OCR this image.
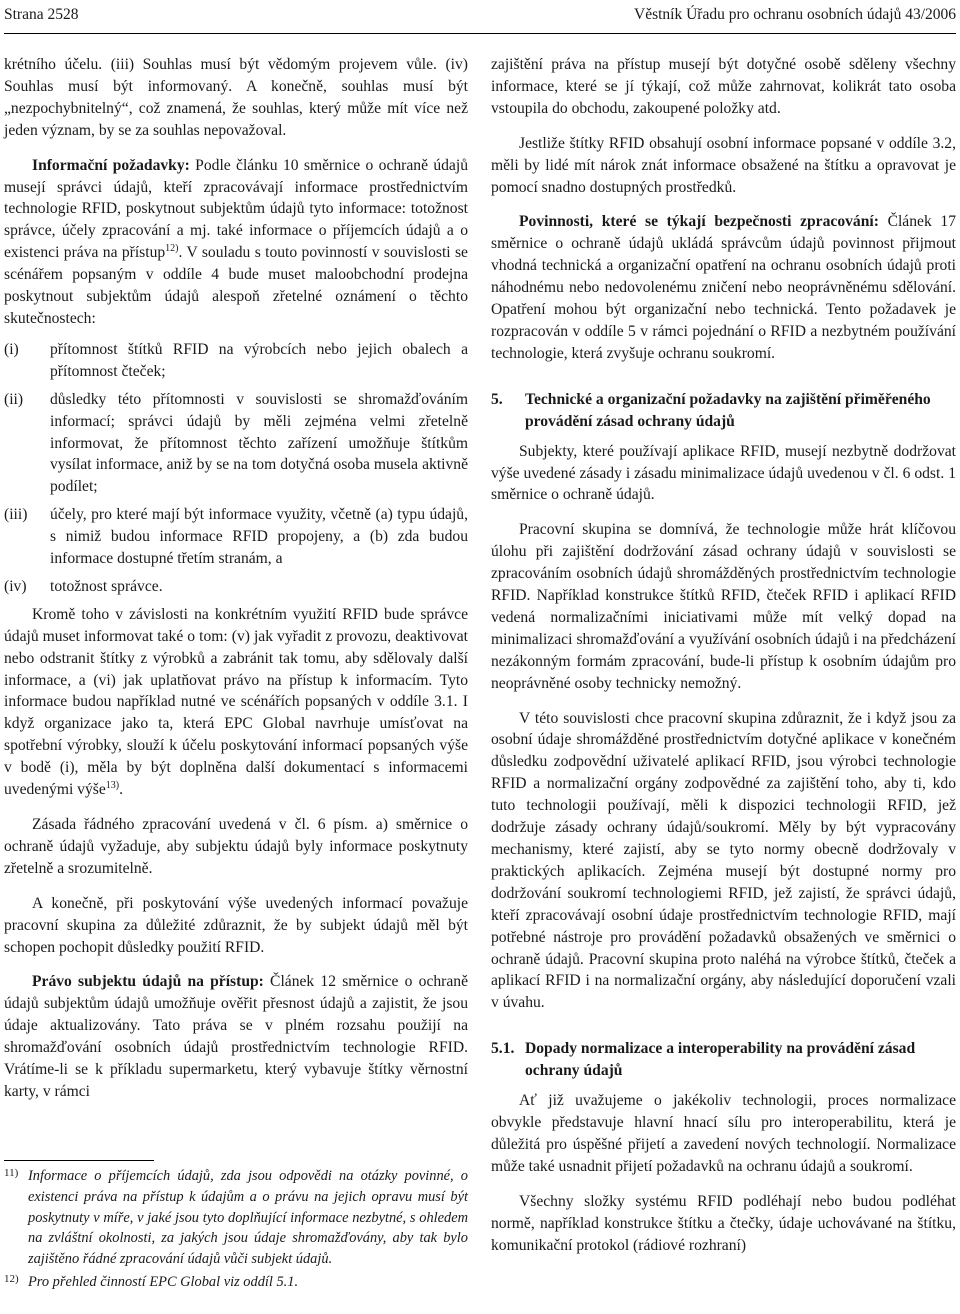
Strana 2528	Věstník Úřadu pro ochranu osobních údajů 43/2006

krétního účelu. (iii) Souhlas musí být vědomým projevem vůle. (iv) Souhlas musí být informovaný. A konečně, souhlas musí být „nezpochybnitelný“, což znamená, že souhlas, který může mít více než jeden význam, by se za souhlas nepovažoval.

Informační požadavky: Podle článku 10 směrnice o ochraně údajů musejí správci údajů, kteří zpracovávají informace prostřednictvím technologie RFID, poskytnout subjektům údajů tyto informace: totožnost správce, účely zpracování a mj. také informace o příjemcích údajů a o existenci práva na přístup$^{12)}$. V souladu s touto povinností v souvislosti se scénářem popsaným v oddíle 4 bude muset maloobchodní prodejna poskytnout subjektům údajů alespoň zřetelné oznámení o těchto skutečnostech:

(i)	přítomnost štítků RFID na výrobcích nebo jejich obalech a přítomnost čteček;
(ii)	důsledky této přítomnosti v souvislosti se shromažďováním informací; správci údajů by měli zejména velmi zřetelně informovat, že přítomnost těchto zařízení umožňuje štítkům vysílat informace, aniž by se na tom dotyčná osoba musela aktivně podílet;
(iii)	účely, pro které mají být informace využity, včetně (a) typu údajů, s nimiž budou informace RFID propojeny, a (b) zda budou informace dostupné třetím stranám, a
(iv)	totožnost správce.

Kromě toho v závislosti na konkrétním využití RFID bude správce údajů muset informovat také o tom: (v) jak vyřadit z provozu, deaktivovat nebo odstranit štítky z výrobků a zabránit tak tomu, aby sdělovaly další informace, a (vi) jak uplatňovat právo na přístup k informacím. Tyto informace budou například nutné ve scénářích popsaných v oddíle 3.1. I když organizace jako ta, která EPC Global navrhuje umísťovat na spotřební výrobky, slouží k účelu poskytování informací popsaných výše v bodě (i), měla by být doplněna další dokumentací s informacemi uvedenými výše$^{13)}$.

Zásada řádného zpracování uvedená v čl. 6 písm. a) směrnice o ochraně údajů vyžaduje, aby subjektu údajů byly informace poskytnuty zřetelně a srozumitelně.

A konečně, při poskytování výše uvedených informací považuje pracovní skupina za důležité zdůraznit, že by subjekt údajů měl být schopen pochopit důsledky použití RFID.

Právo subjektu údajů na přístup: Článek 12 směrnice o ochraně údajů subjektům údajů umožňuje ověřit přesnost údajů a zajistit, že jsou údaje aktualizovány. Tato práva se v plném rozsahu použijí na shromažďování osobních údajů prostřednictvím technologie RFID. Vrátíme-li se k příkladu supermarketu, který vybavuje štítky věrnostní karty, v rámci

11) Informace o příjemcích údajů, zda jsou odpovědi na otázky povinné, o existenci práva na přístup k údajům a o právu na jejich opravu musí být poskytnuty v míře, v jaké jsou tyto doplňující informace nezbytné, s ohledem na zvláštní okolnosti, za jakých jsou údaje shromažďovány, aby tak bylo zajištěno řádné zpracování údajů vůči subjekt údajů.
12) Pro přehled činností EPC Global viz oddíl 5.1.

zajištění práva na přístup musejí být dotyčné osobě sděleny všechny informace, které se jí týkají, což může zahrnovat, kolikrát tato osoba vstoupila do obchodu, zakoupené položky atd.

Jestliže štítky RFID obsahují osobní informace popsané v oddíle 3.2, měli by lidé mít nárok znát informace obsažené na štítku a opravovat je pomocí snadno dostupných prostředků.

Povinnosti, které se týkají bezpečnosti zpracování: Článek 17 směrnice o ochraně údajů ukládá správcům údajů povinnost přijmout vhodná technická a organizační opatření na ochranu osobních údajů proti náhodnému nebo nedovolenému zničení nebo neoprávněnému sdělování. Opatření mohou být organizační nebo technická. Tento požadavek je rozpracován v oddíle 5 v rámci pojednání o RFID a nezbytném používání technologie, která zvyšuje ochranu soukromí.

5.	Technické a organizační požadavky na zajištění přiměřeného provádění zásad ochrany údajů

Subjekty, které používají aplikace RFID, musejí nezbytně dodržovat výše uvedené zásady i zásadu minimalizace údajů uvedenou v čl. 6 odst. 1 směrnice o ochraně údajů.

Pracovní skupina se domnívá, že technologie může hrát klíčovou úlohu při zajištění dodržování zásad ochrany údajů v souvislosti se zpracováním osobních údajů shromážděných prostřednictvím technologie RFID. Například konstrukce štítků RFID, čteček RFID i aplikací RFID vedená normalizačními iniciativami může mít velký dopad na minimalizaci shromažďování a využívání osobních údajů i na předcházení nezákonným formám zpracování, bude-li přístup k osobním údajům pro neoprávněné osoby technicky nemožný.

V této souvislosti chce pracovní skupina zdůraznit, že i když jsou za osobní údaje shromážděné prostřednictvím dotyčné aplikace v konečném důsledku zodpovědní uživatelé aplikací RFID, jsou výrobci technologie RFID a normalizační orgány zodpovědné za zajištění toho, aby ti, kdo tuto technologii používají, měli k dispozici technologii RFID, jež dodržuje zásady ochrany údajů/soukromí. Měly by být vypracovány mechanismy, které zajistí, aby se tyto normy obecně dodržovaly v praktických aplikacích. Zejména musejí být dostupné normy pro dodržování soukromí technologiemi RFID, jež zajistí, že správci údajů, kteří zpracovávají osobní údaje prostřednictvím technologie RFID, mají potřebné nástroje pro provádění požadavků obsažených ve směrnici o ochraně údajů. Pracovní skupina proto naléhá na výrobce štítků, čteček a aplikací RFID i na normalizační orgány, aby následující doporučení vzali v úvahu.

5.1. Dopady normalizace a interoperability na provádění zásad ochrany údajů

Ať již uvažujeme o jakékoliv technologii, proces normalizace obvykle představuje hlavní hnací sílu pro interoperabilitu, která je důležitá pro úspěšné přijetí a zavedení nových technologií. Normalizace může také usnadnit přijetí požadavků na ochranu údajů a soukromí.

Všechny složky systému RFID podléhají nebo budou podléhat normě, například konstrukce štítku a čtečky, údaje uchovávané na štítku, komunikační protokol (rádiové rozhraní)
